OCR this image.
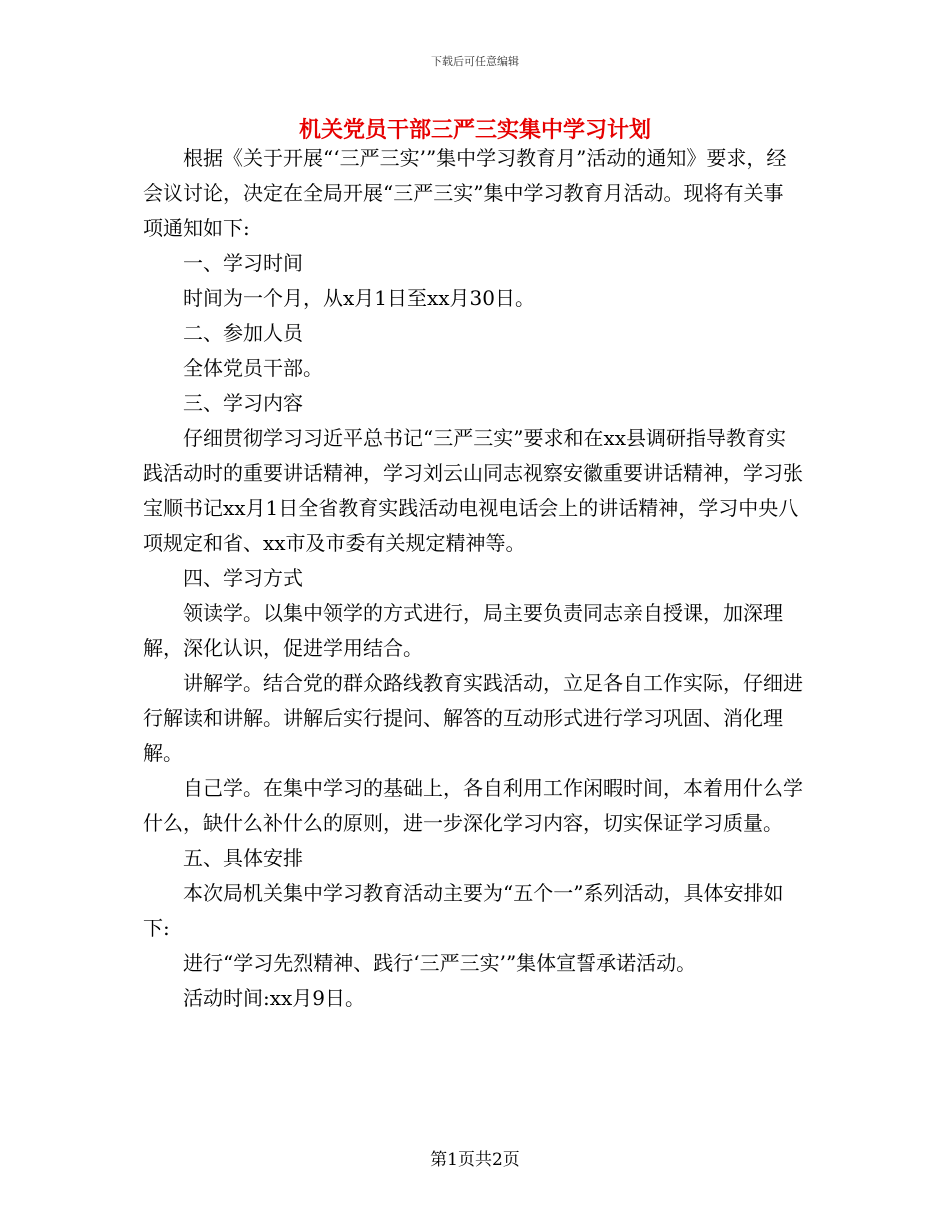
下载后可任意编辑
机关党员干部三严三实集中学习计划

根据《关于开展“‘三严三实’”集中学习教育月”活动的通知》要求，经会议讨论，决定在全局开展“三严三实”集中学习教育月活动。现将有关事项通知如下:

一、学习时间

时间为一个月，从x月1日至xx月30日。

二、参加人员

全体党员干部。

三、学习内容

仔细贯彻学习习近平总书记“三严三实”要求和在xx县调研指导教育实践活动时的重要讲话精神，学习刘云山同志视察安徽重要讲话精神，学习张宝顺书记xx月1日全省教育实践活动电视电话会上的讲话精神，学习中央八项规定和省、xx市及市委有关规定精神等。

四、学习方式

领读学。以集中领学的方式进行，局主要负责同志亲自授课，加深理解，深化认识，促进学用结合。

讲解学。结合党的群众路线教育实践活动，立足各自工作实际，仔细进行解读和讲解。讲解后实行提问、解答的互动形式进行学习巩固、消化理解。

自己学。在集中学习的基础上，各自利用工作闲暇时间，本着用什么学什么，缺什么补什么的原则，进一步深化学习内容，切实保证学习质量。

五、具体安排

本次局机关集中学习教育活动主要为“五个一”系列活动，具体安排如下:

进行“学习先烈精神、践行‘三严三实’”集体宣誓承诺活动。

活动时间:xx月9日。

第1页共2页
